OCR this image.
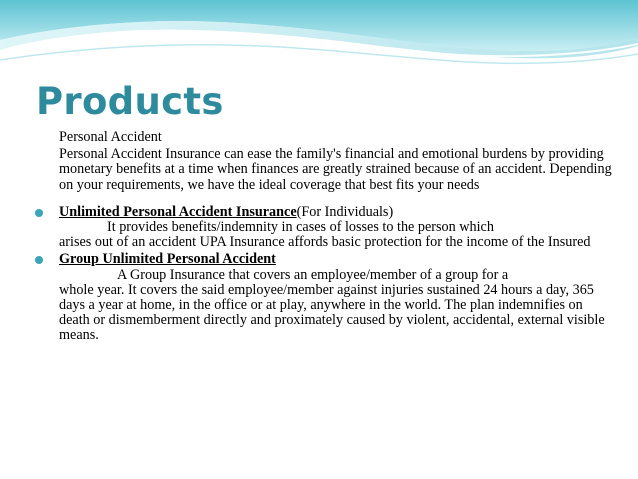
Products

Personal Accident

Personal Accident Insurance can ease the family's financial and emotional burdens by providing monetary benefits at a time when finances are greatly strained because of an accident. Depending on your requirements, we have the ideal coverage that best fits your needs

Unlimited Personal Accident Insurance(For Individuals)
It provides benefits/indemnity in cases of losses to the person which
arises out of an accident UPA Insurance affords basic protection for the income of the Insured
Group Unlimited Personal Accident
A Group Insurance that covers an employee/member of a group for a
whole year. It covers the said employee/member against injuries sustained 24 hours a day, 365 days a year at home, in the office or at play, anywhere in the world. The plan indemnifies on death or dismemberment directly and proximately caused by violent, accidental, external visible means.
